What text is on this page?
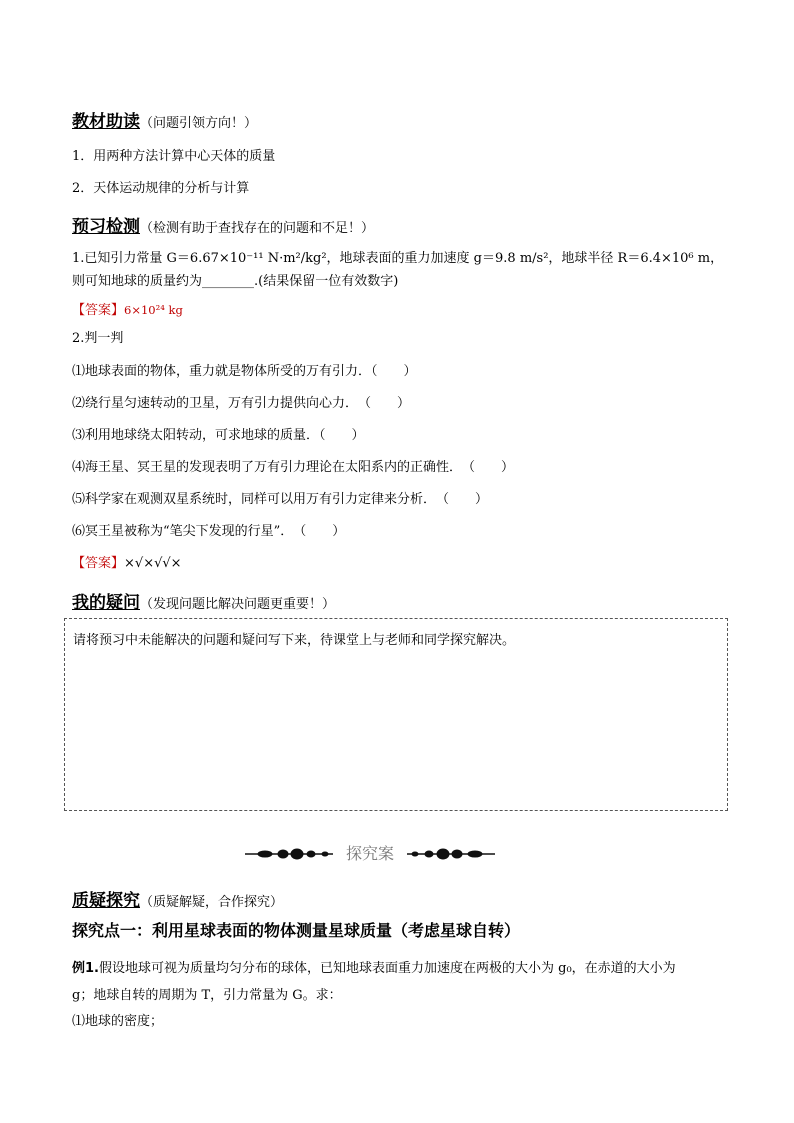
教材助读（问题引领方向！）
1．用两种方法计算中心天体的质量
2．天体运动规律的分析与计算
预习检测（检测有助于查找存在的问题和不足！）
1.已知引力常量 G＝6.67×10⁻¹¹ N·m²/kg²，地球表面的重力加速度 g＝9.8 m/s²，地球半径 R＝6.4×10⁶ m，
则可知地球的质量约为________.(结果保留一位有效数字)
【答案】6×10²⁴ kg
2.判一判
⑴地球表面的物体，重力就是物体所受的万有引力．（　　）
⑵绕行星匀速转动的卫星，万有引力提供向心力．　（　　）
⑶利用地球绕太阳转动，可求地球的质量．（　　）
⑷海王星、冥王星的发现表明了万有引力理论在太阳系内的正确性．　（　　）
⑸科学家在观测双星系统时，同样可以用万有引力定律来分析．　（　　）
⑹冥王星被称为“笔尖下发现的行星”．　（　　）
【答案】×√×√√×
我的疑问（发现问题比解决问题更重要！）
请将预习中未能解决的问题和疑问写下来，待课堂上与老师和同学探究解决。
探究案
质疑探究（质疑解疑，合作探究）
探究点一：利用星球表面的物体测量星球质量（考虑星球自转）
例1.假设地球可视为质量均匀分布的球体，已知地球表面重力加速度在两极的大小为 g₀，在赤道的大小为
g；地球自转的周期为 T，引力常量为 G。求：
⑴地球的密度；
